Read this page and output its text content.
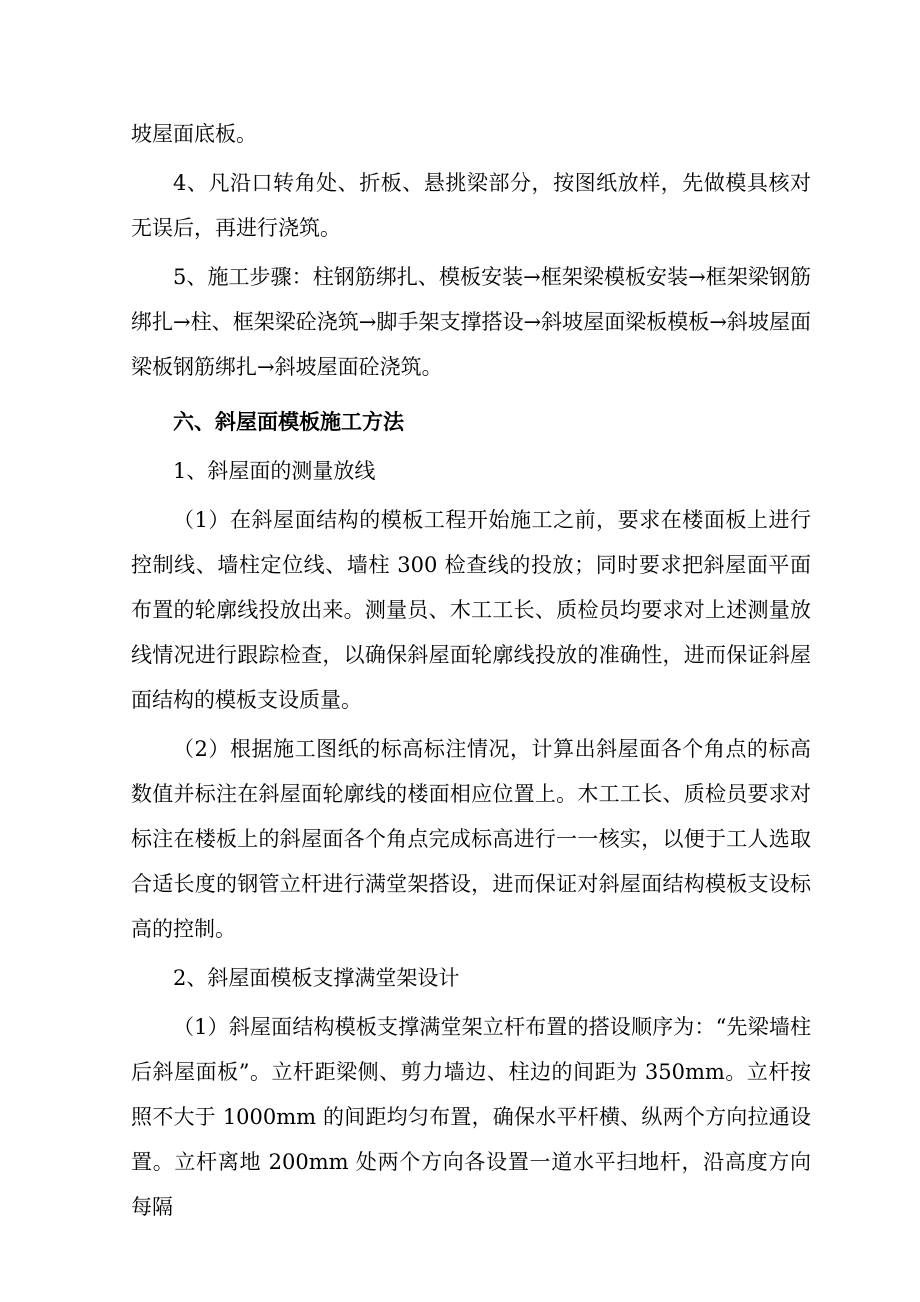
坡屋面底板。

4、凡沿口转角处、折板、悬挑梁部分，按图纸放样，先做模具核对无误后，再进行浇筑。

5、施工步骤：柱钢筋绑扎、模板安装→框架梁模板安装→框架梁钢筋绑扎→柱、框架梁砼浇筑→脚手架支撑搭设→斜坡屋面梁板模板→斜坡屋面梁板钢筋绑扎→斜坡屋面砼浇筑。

六、斜屋面模板施工方法

1、斜屋面的测量放线

（1）在斜屋面结构的模板工程开始施工之前，要求在楼面板上进行控制线、墙柱定位线、墙柱 300 检查线的投放；同时要求把斜屋面平面布置的轮廓线投放出来。测量员、木工工长、质检员均要求对上述测量放线情况进行跟踪检查，以确保斜屋面轮廓线投放的准确性，进而保证斜屋面结构的模板支设质量。

（2）根据施工图纸的标高标注情况，计算出斜屋面各个角点的标高数值并标注在斜屋面轮廓线的楼面相应位置上。木工工长、质检员要求对标注在楼板上的斜屋面各个角点完成标高进行一一核实，以便于工人选取合适长度的钢管立杆进行满堂架搭设，进而保证对斜屋面结构模板支设标高的控制。

2、斜屋面模板支撑满堂架设计

（1）斜屋面结构模板支撑满堂架立杆布置的搭设顺序为：“先梁墙柱后斜屋面板”。立杆距梁侧、剪力墙边、柱边的间距为 350mm。立杆按照不大于 1000mm 的间距均匀布置，确保水平杆横、纵两个方向拉通设置。立杆离地 200mm 处两个方向各设置一道水平扫地杆，沿高度方向每隔
